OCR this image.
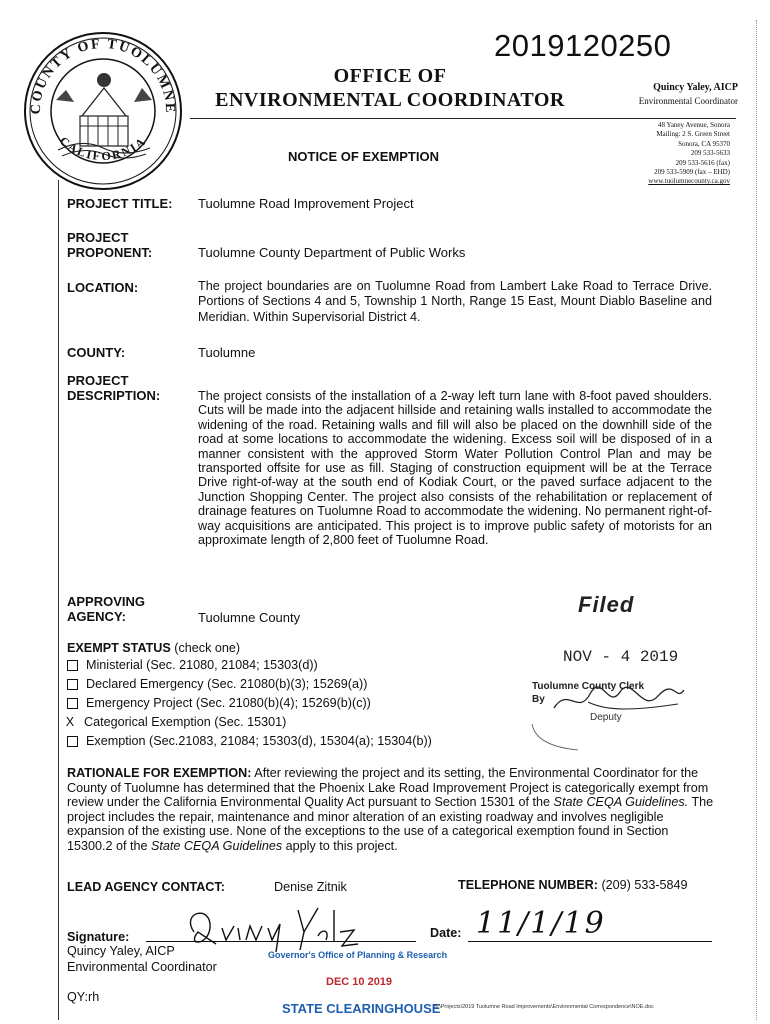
2019120250
COUNTY OF TUOLUMNE
CALIFORNIA
OFFICE OF
ENVIRONMENTAL COORDINATOR
Quincy Yaley, AICP
Environmental Coordinator
NOTICE OF EXEMPTION
48 Yaney Avenue, Sonora
Mailing: 2 S. Green Street
Sonora, CA 95370
209 533-5633
209 533-5616 (fax)
209 533-5909 (fax – EHD)
www.tuolumnecounty.ca.gov
PROJECT TITLE: Tuolumne Road Improvement Project
PROJECT
PROPONENT:	Tuolumne County Department of Public Works
LOCATION:	The project boundaries are on Tuolumne Road from Lambert Lake Road to Terrace Drive. Portions of Sections 4 and 5, Township 1 North, Range 15 East, Mount Diablo Baseline and Meridian. Within Supervisorial District 4.
COUNTY:	Tuolumne
PROJECT
DESCRIPTION:	The project consists of the installation of a 2-way left turn lane with 8-foot paved shoulders. Cuts will be made into the adjacent hillside and retaining walls installed to accommodate the widening of the road. Retaining walls and fill will also be placed on the downhill side of the road at some locations to accommodate the widening. Excess soil will be disposed of in a manner consistent with the approved Storm Water Pollution Control Plan and may be transported offsite for use as fill. Staging of construction equipment will be at the Terrace Drive right-of-way at the south end of Kodiak Court, or the paved surface adjacent to the Junction Shopping Center. The project also consists of the rehabilitation or replacement of drainage features on Tuolumne Road to accommodate the widening. No permanent right-of-way acquisitions are anticipated. This project is to improve public safety of motorists for an approximate length of 2,800 feet of Tuolumne Road.
APPROVING
AGENCY:	Tuolumne County
Filed
NOV - 4 2019
Tuolumne County Clerk
By
Deputy
EXEMPT STATUS (check one)
Ministerial (Sec. 21080, 21084; 15303(d))
Declared Emergency (Sec. 21080(b)(3); 15269(a))
Emergency Project (Sec. 21080(b)(4); 15269(b)(c))
X Categorical Exemption (Sec. 15301)
Exemption (Sec.21083, 21084; 15303(d), 15304(a); 15304(b))
RATIONALE FOR EXEMPTION: After reviewing the project and its setting, the Environmental Coordinator for the County of Tuolumne has determined that the Phoenix Lake Road Improvement Project is categorically exempt from review under the California Environmental Quality Act pursuant to Section 15301 of the State CEQA Guidelines. The project includes the repair, maintenance and minor alteration of an existing roadway and involves negligible expansion of the existing use. None of the exceptions to the use of a categorical exemption found in Section 15300.2 of the State CEQA Guidelines apply to this project.
LEAD AGENCY CONTACT:	Denise Zitnik	TELEPHONE NUMBER: (209) 533-5849
Signature:
Quincy Yaley, AICP
Environmental Coordinator
Date: 11/1/19
QY:rh
Governor's Office of Planning & Research
DEC 10 2019
STATE CLEARINGHOUSE
S:\Projects\2019 Tuolumne Road Improvements\Environmental Correspondence\NOE.doc
